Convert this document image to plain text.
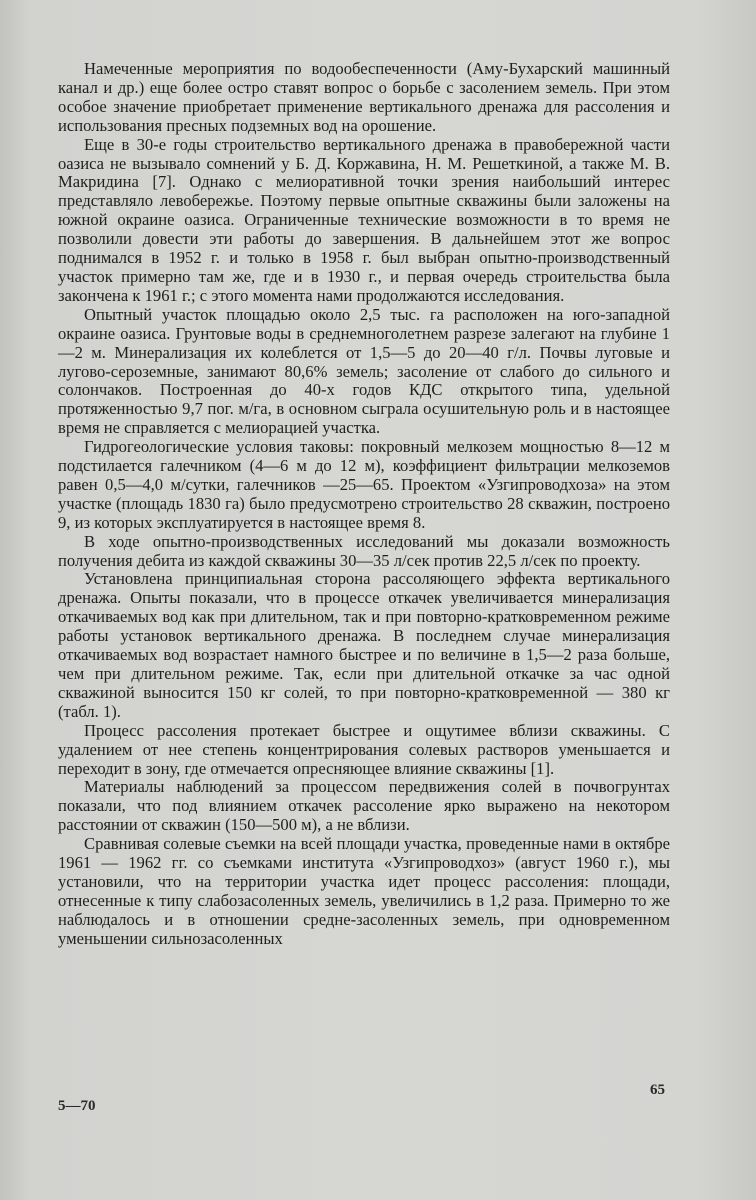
Намеченные мероприятия по водообеспеченности (Аму-Бухарский машинный канал и др.) еще более остро ставят вопрос о борьбе с засолением земель. При этом особое значение приобретает применение вертикального дренажа для рассоления и использования пресных подземных вод на орошение.

Еще в 30-е годы строительство вертикального дренажа в правобережной части оазиса не вызывало сомнений у Б. Д. Коржавина, Н. М. Решеткиной, а также М. В. Макридина [7]. Однако с мелиоративной точки зрения наибольший интерес представляло левобережье. Поэтому первые опытные скважины были заложены на южной окраине оазиса. Ограниченные технические возможности в то время не позволили довести эти работы до завершения. В дальнейшем этот же вопрос поднимался в 1952 г. и только в 1958 г. был выбран опытно-производственный участок примерно там же, где и в 1930 г., и первая очередь строительства была закончена к 1961 г.; с этого момента нами продолжаются исследования.

Опытный участок площадью около 2,5 тыс. га расположен на юго-западной окраине оазиса. Грунтовые воды в среднемноголетнем разрезе залегают на глубине 1—2 м. Минерализация их колеблется от 1,5—5 до 20—40 г/л. Почвы луговые и лугово-сероземные, занимают 80,6% земель; засоление от слабого до сильного и солончаков. Построенная до 40-х годов КДС открытого типа, удельной протяженностью 9,7 пог. м/га, в основном сыграла осушительную роль и в настоящее время не справляется с мелиорацией участка.

Гидрогеологические условия таковы: покровный мелкозем мощностью 8—12 м подстилается галечником (4—6 м до 12 м), коэффициент фильтрации мелкоземов равен 0,5—4,0 м/сутки, галечников —25—65. Проектом «Узгипроводхоза» на этом участке (площадь 1830 га) было предусмотрено строительство 28 скважин, построено 9, из которых эксплуатируется в настоящее время 8.

В ходе опытно-производственных исследований мы доказали возможность получения дебита из каждой скважины 30—35 л/сек против 22,5 л/сек по проекту.

Установлена принципиальная сторона рассоляющего эффекта вертикального дренажа. Опыты показали, что в процессе откачек увеличивается минерализация откачиваемых вод как при длительном, так и при повторно-кратковременном режиме работы установок вертикального дренажа. В последнем случае минерализация откачиваемых вод возрастает намного быстрее и по величине в 1,5—2 раза больше, чем при длительном режиме. Так, если при длительной откачке за час одной скважиной выносится 150 кг солей, то при повторно-кратковременной — 380 кг (табл. 1).

Процесс рассоления протекает быстрее и ощутимее вблизи скважины. С удалением от нее степень концентрирования солевых растворов уменьшается и переходит в зону, где отмечается опресняющее влияние скважины [1].

Материалы наблюдений за процессом передвижения солей в почвогрунтах показали, что под влиянием откачек рассоление ярко выражено на некотором расстоянии от скважин (150—500 м), а не вблизи.

Сравнивая солевые съемки на всей площади участка, проведенные нами в октябре 1961 — 1962 гг. со съемками института «Узгипроводхоз» (август 1960 г.), мы установили, что на территории участка идет процесс рассоления: площади, отнесенные к типу слабозасоленных земель, увеличились в 1,2 раза. Примерно то же наблюдалось и в отношении средне-засоленных земель, при одновременном уменьшении сильнозасоленных

5—70
65
